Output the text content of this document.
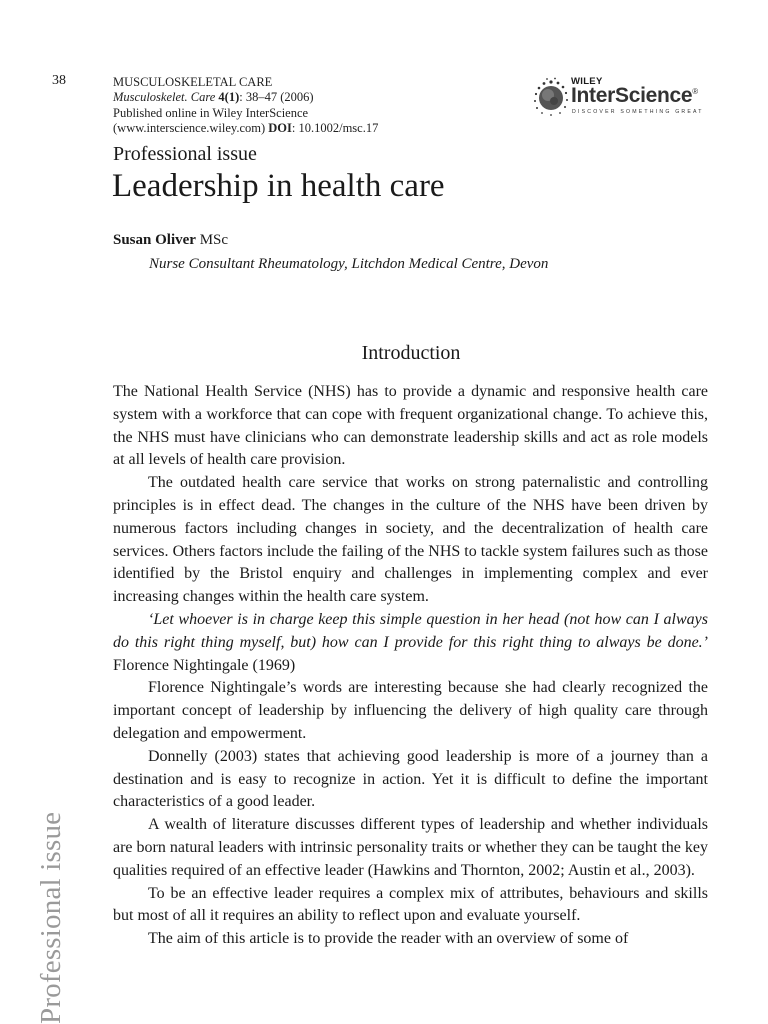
38	MUSCULOSKELETAL CARE
Musculoskelet. Care 4(1): 38–47 (2006)
Published online in Wiley InterScience
(www.interscience.wiley.com) DOI: 10.1002/msc.17
WILEY
InterScience®
DISCOVER SOMETHING GREAT
Professional issue
Leadership in health care
Susan Oliver MSc
Nurse Consultant Rheumatology, Litchdon Medical Centre, Devon
Introduction

The National Health Service (NHS) has to provide a dynamic and responsive health care system with a workforce that can cope with frequent organizational change. To achieve this, the NHS must have clinicians who can demonstrate leadership skills and act as role models at all levels of health care provision.

The outdated health care service that works on strong paternalistic and controlling principles is in effect dead. The changes in the culture of the NHS have been driven by numerous factors including changes in society, and the decentralization of health care services. Others factors include the failing of the NHS to tackle system failures such as those identified by the Bristol enquiry and challenges in implementing complex and ever increasing changes within the health care system.

‘Let whoever is in charge keep this simple question in her head (not how can I always do this right thing myself, but) how can I provide for this right thing to always be done.’ Florence Nightingale (1969)

Florence Nightingale’s words are interesting because she had clearly recognized the important concept of leadership by influencing the delivery of high quality care through delegation and empowerment.

Donnelly (2003) states that achieving good leadership is more of a journey than a destination and is easy to recognize in action. Yet it is difficult to define the important characteristics of a good leader.

A wealth of literature discusses different types of leadership and whether individuals are born natural leaders with intrinsic personality traits or whether they can be taught the key qualities required of an effective leader (Hawkins and Thornton, 2002; Austin et al., 2003).

To be an effective leader requires a complex mix of attributes, behaviours and skills but most of all it requires an ability to reflect upon and evaluate yourself.

The aim of this article is to provide the reader with an overview of some of

Professional issue
